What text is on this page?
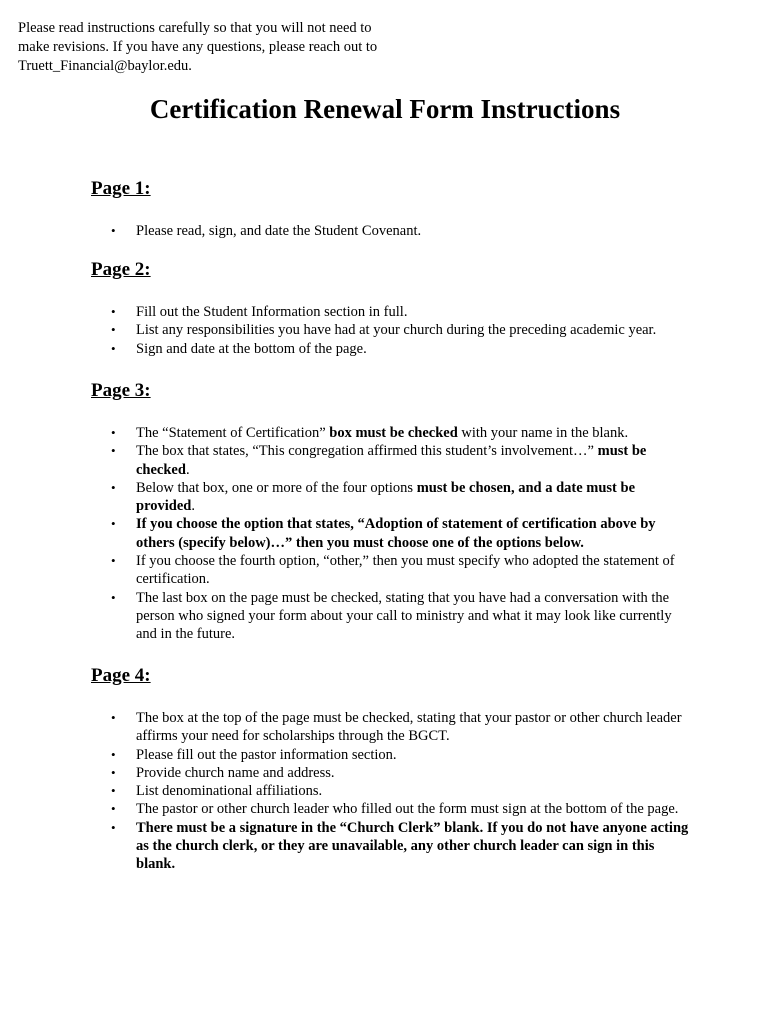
Please read instructions carefully so that you will not need to
make revisions. If you have any questions, please reach out to
Truett_Financial@baylor.edu.
Certification Renewal Form Instructions
Page 1:
• Please read, sign, and date the Student Covenant.
Page 2:
• Fill out the Student Information section in full.
• List any responsibilities you have had at your church during the preceding academic year.
• Sign and date at the bottom of the page.
Page 3:
• The “Statement of Certification” box must be checked with your name in the blank.
• The box that states, “This congregation affirmed this student’s involvement…” must be checked.
• Below that box, one or more of the four options must be chosen, and a date must be provided.
• If you choose the option that states, “Adoption of statement of certification above by others (specify below)…” then you must choose one of the options below.
• If you choose the fourth option, “other,” then you must specify who adopted the statement of certification.
• The last box on the page must be checked, stating that you have had a conversation with the person who signed your form about your call to ministry and what it may look like currently and in the future.
Page 4:
• The box at the top of the page must be checked, stating that your pastor or other church leader affirms your need for scholarships through the BGCT.
• Please fill out the pastor information section.
• Provide church name and address.
• List denominational affiliations.
• The pastor or other church leader who filled out the form must sign at the bottom of the page.
• There must be a signature in the “Church Clerk” blank. If you do not have anyone acting as the church clerk, or they are unavailable, any other church leader can sign in this blank.
